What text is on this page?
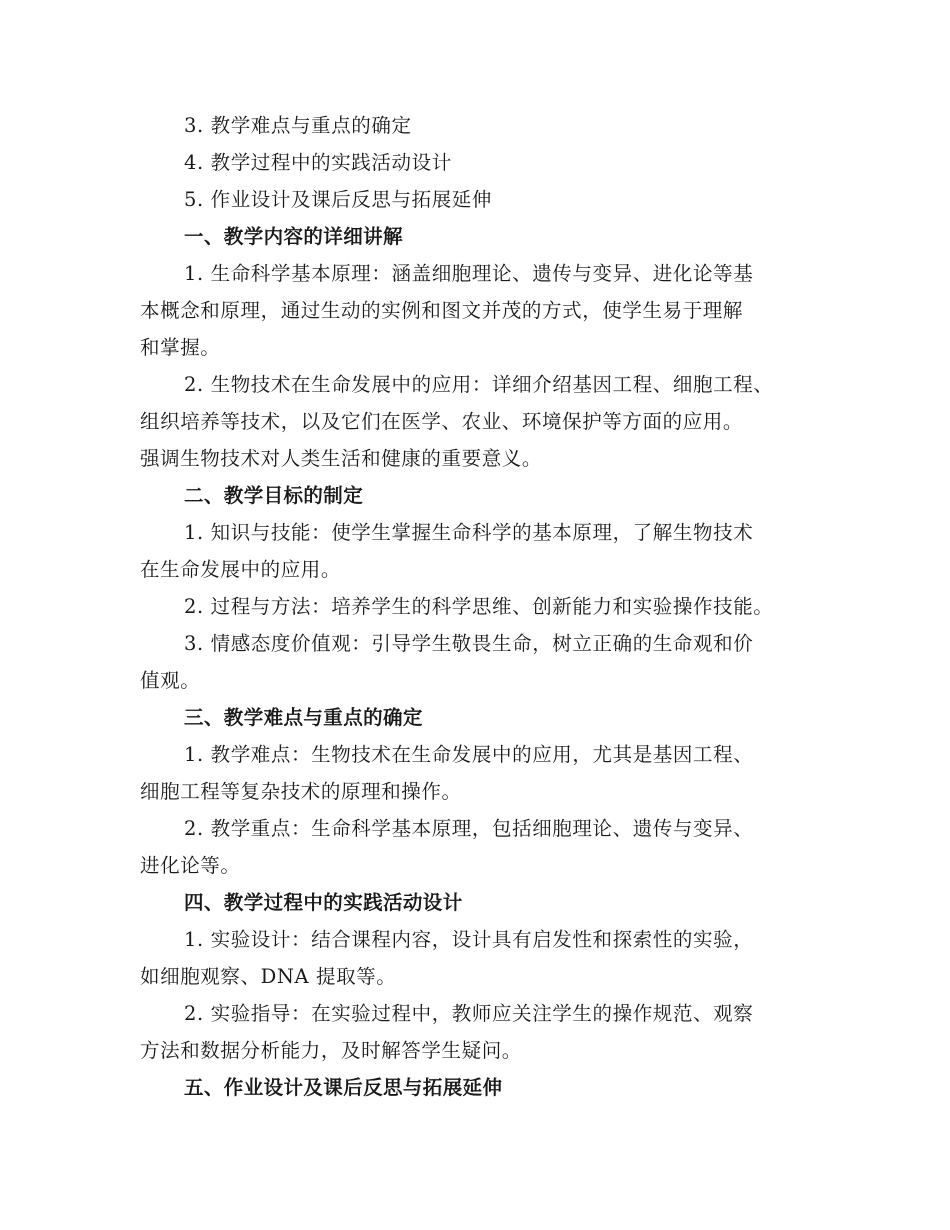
3. 教学难点与重点的确定
4. 教学过程中的实践活动设计
5. 作业设计及课后反思与拓展延伸
一、教学内容的详细讲解
1. 生命科学基本原理：涵盖细胞理论、遗传与变异、进化论等基
本概念和原理，通过生动的实例和图文并茂的方式，使学生易于理解
和掌握。
2. 生物技术在生命发展中的应用：详细介绍基因工程、细胞工程、
组织培养等技术，以及它们在医学、农业、环境保护等方面的应用。
强调生物技术对人类生活和健康的重要意义。
二、教学目标的制定
1. 知识与技能：使学生掌握生命科学的基本原理，了解生物技术
在生命发展中的应用。
2. 过程与方法：培养学生的科学思维、创新能力和实验操作技能。
3. 情感态度价值观：引导学生敬畏生命，树立正确的生命观和价
值观。
三、教学难点与重点的确定
1. 教学难点：生物技术在生命发展中的应用，尤其是基因工程、
细胞工程等复杂技术的原理和操作。
2. 教学重点：生命科学基本原理，包括细胞理论、遗传与变异、
进化论等。
四、教学过程中的实践活动设计
1. 实验设计：结合课程内容，设计具有启发性和探索性的实验，
如细胞观察、DNA 提取等。
2. 实验指导：在实验过程中，教师应关注学生的操作规范、观察
方法和数据分析能力，及时解答学生疑问。
五、作业设计及课后反思与拓展延伸
